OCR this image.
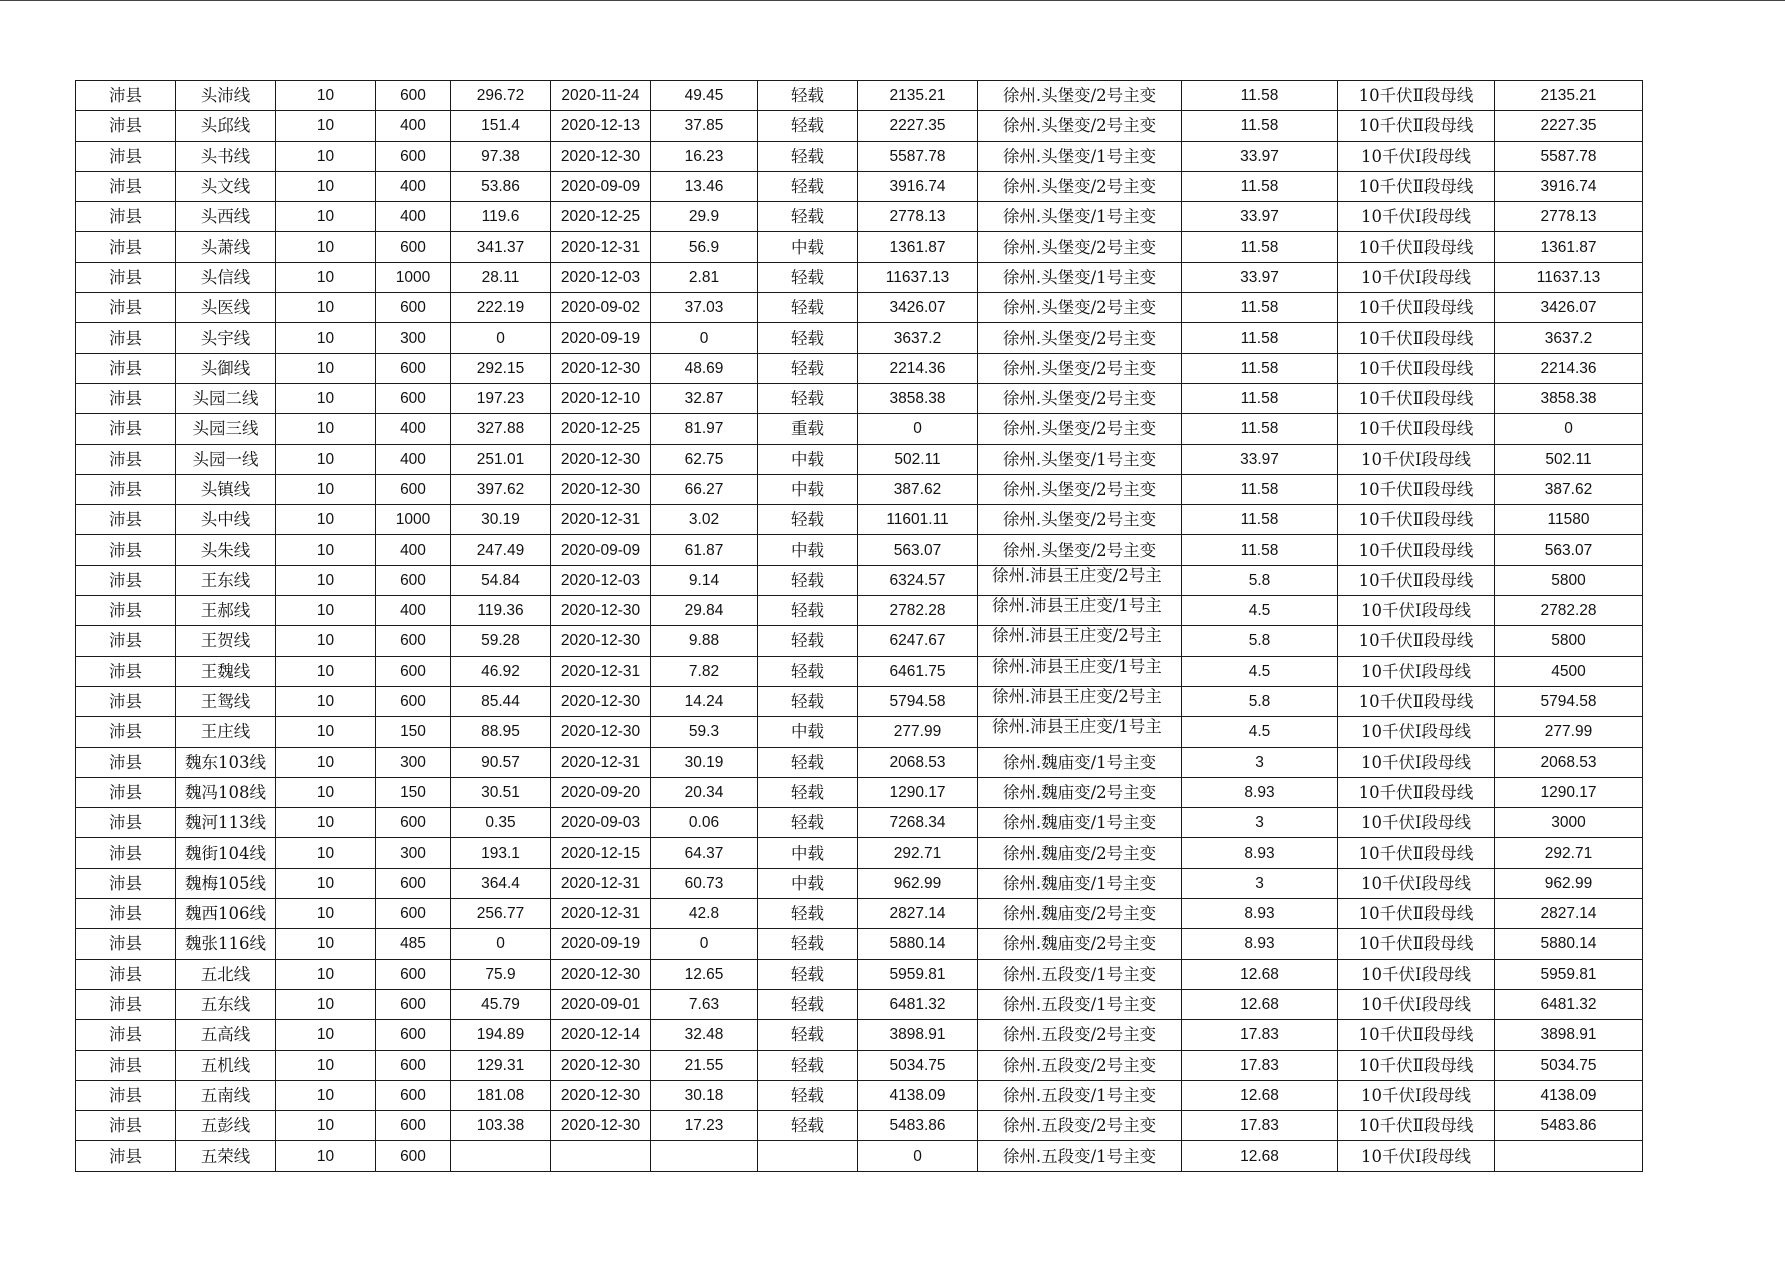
沛县	头沛线	10	600	296.72	2020-11-24	49.45	轻载	2135.21	徐州.头堡变/2号主变	11.58	10千伏Ⅱ段母线	2135.21
沛县	头邱线	10	400	151.4	2020-12-13	37.85	轻载	2227.35	徐州.头堡变/2号主变	11.58	10千伏Ⅱ段母线	2227.35
沛县	头书线	10	600	97.38	2020-12-30	16.23	轻载	5587.78	徐州.头堡变/1号主变	33.97	10千伏Ⅰ段母线	5587.78
沛县	头文线	10	400	53.86	2020-09-09	13.46	轻载	3916.74	徐州.头堡变/2号主变	11.58	10千伏Ⅱ段母线	3916.74
沛县	头西线	10	400	119.6	2020-12-25	29.9	轻载	2778.13	徐州.头堡变/1号主变	33.97	10千伏Ⅰ段母线	2778.13
沛县	头萧线	10	600	341.37	2020-12-31	56.9	中载	1361.87	徐州.头堡变/2号主变	11.58	10千伏Ⅱ段母线	1361.87
沛县	头信线	10	1000	28.11	2020-12-03	2.81	轻载	11637.13	徐州.头堡变/1号主变	33.97	10千伏Ⅰ段母线	11637.13
沛县	头医线	10	600	222.19	2020-09-02	37.03	轻载	3426.07	徐州.头堡变/2号主变	11.58	10千伏Ⅱ段母线	3426.07
沛县	头宇线	10	300	0	2020-09-19	0	轻载	3637.2	徐州.头堡变/2号主变	11.58	10千伏Ⅱ段母线	3637.2
沛县	头御线	10	600	292.15	2020-12-30	48.69	轻载	2214.36	徐州.头堡变/2号主变	11.58	10千伏Ⅱ段母线	2214.36
沛县	头园二线	10	600	197.23	2020-12-10	32.87	轻载	3858.38	徐州.头堡变/2号主变	11.58	10千伏Ⅱ段母线	3858.38
沛县	头园三线	10	400	327.88	2020-12-25	81.97	重载	0	徐州.头堡变/2号主变	11.58	10千伏Ⅱ段母线	0
沛县	头园一线	10	400	251.01	2020-12-30	62.75	中载	502.11	徐州.头堡变/1号主变	33.97	10千伏Ⅰ段母线	502.11
沛县	头镇线	10	600	397.62	2020-12-30	66.27	中载	387.62	徐州.头堡变/2号主变	11.58	10千伏Ⅱ段母线	387.62
沛县	头中线	10	1000	30.19	2020-12-31	3.02	轻载	11601.11	徐州.头堡变/2号主变	11.58	10千伏Ⅱ段母线	11580
沛县	头朱线	10	400	247.49	2020-09-09	61.87	中载	563.07	徐州.头堡变/2号主变	11.58	10千伏Ⅱ段母线	563.07
沛县	王东线	10	600	54.84	2020-12-03	9.14	轻载	6324.57	徐州.沛县王庄变/2号主	5.8	10千伏Ⅱ段母线	5800
沛县	王郝线	10	400	119.36	2020-12-30	29.84	轻载	2782.28	徐州.沛县王庄变/1号主	4.5	10千伏Ⅰ段母线	2782.28
沛县	王贺线	10	600	59.28	2020-12-30	9.88	轻载	6247.67	徐州.沛县王庄变/2号主	5.8	10千伏Ⅱ段母线	5800
沛县	王魏线	10	600	46.92	2020-12-31	7.82	轻载	6461.75	徐州.沛县王庄变/1号主	4.5	10千伏Ⅰ段母线	4500
沛县	王鸳线	10	600	85.44	2020-12-30	14.24	轻载	5794.58	徐州.沛县王庄变/2号主	5.8	10千伏Ⅱ段母线	5794.58
沛县	王庄线	10	150	88.95	2020-12-30	59.3	中载	277.99	徐州.沛县王庄变/1号主	4.5	10千伏Ⅰ段母线	277.99
沛县	魏东103线	10	300	90.57	2020-12-31	30.19	轻载	2068.53	徐州.魏庙变/1号主变	3	10千伏Ⅰ段母线	2068.53
沛县	魏冯108线	10	150	30.51	2020-09-20	20.34	轻载	1290.17	徐州.魏庙变/2号主变	8.93	10千伏Ⅱ段母线	1290.17
沛县	魏河113线	10	600	0.35	2020-09-03	0.06	轻载	7268.34	徐州.魏庙变/1号主变	3	10千伏Ⅰ段母线	3000
沛县	魏街104线	10	300	193.1	2020-12-15	64.37	中载	292.71	徐州.魏庙变/2号主变	8.93	10千伏Ⅱ段母线	292.71
沛县	魏梅105线	10	600	364.4	2020-12-31	60.73	中载	962.99	徐州.魏庙变/1号主变	3	10千伏Ⅰ段母线	962.99
沛县	魏西106线	10	600	256.77	2020-12-31	42.8	轻载	2827.14	徐州.魏庙变/2号主变	8.93	10千伏Ⅱ段母线	2827.14
沛县	魏张116线	10	485	0	2020-09-19	0	轻载	5880.14	徐州.魏庙变/2号主变	8.93	10千伏Ⅱ段母线	5880.14
沛县	五北线	10	600	75.9	2020-12-30	12.65	轻载	5959.81	徐州.五段变/1号主变	12.68	10千伏Ⅰ段母线	5959.81
沛县	五东线	10	600	45.79	2020-09-01	7.63	轻载	6481.32	徐州.五段变/1号主变	12.68	10千伏Ⅰ段母线	6481.32
沛县	五高线	10	600	194.89	2020-12-14	32.48	轻载	3898.91	徐州.五段变/2号主变	17.83	10千伏Ⅱ段母线	3898.91
沛县	五机线	10	600	129.31	2020-12-30	21.55	轻载	5034.75	徐州.五段变/2号主变	17.83	10千伏Ⅱ段母线	5034.75
沛县	五南线	10	600	181.08	2020-12-30	30.18	轻载	4138.09	徐州.五段变/1号主变	12.68	10千伏Ⅰ段母线	4138.09
沛县	五彭线	10	600	103.38	2020-12-30	17.23	轻载	5483.86	徐州.五段变/2号主变	17.83	10千伏Ⅱ段母线	5483.86
沛县	五荣线	10	600					0	徐州.五段变/1号主变	12.68	10千伏Ⅰ段母线	
